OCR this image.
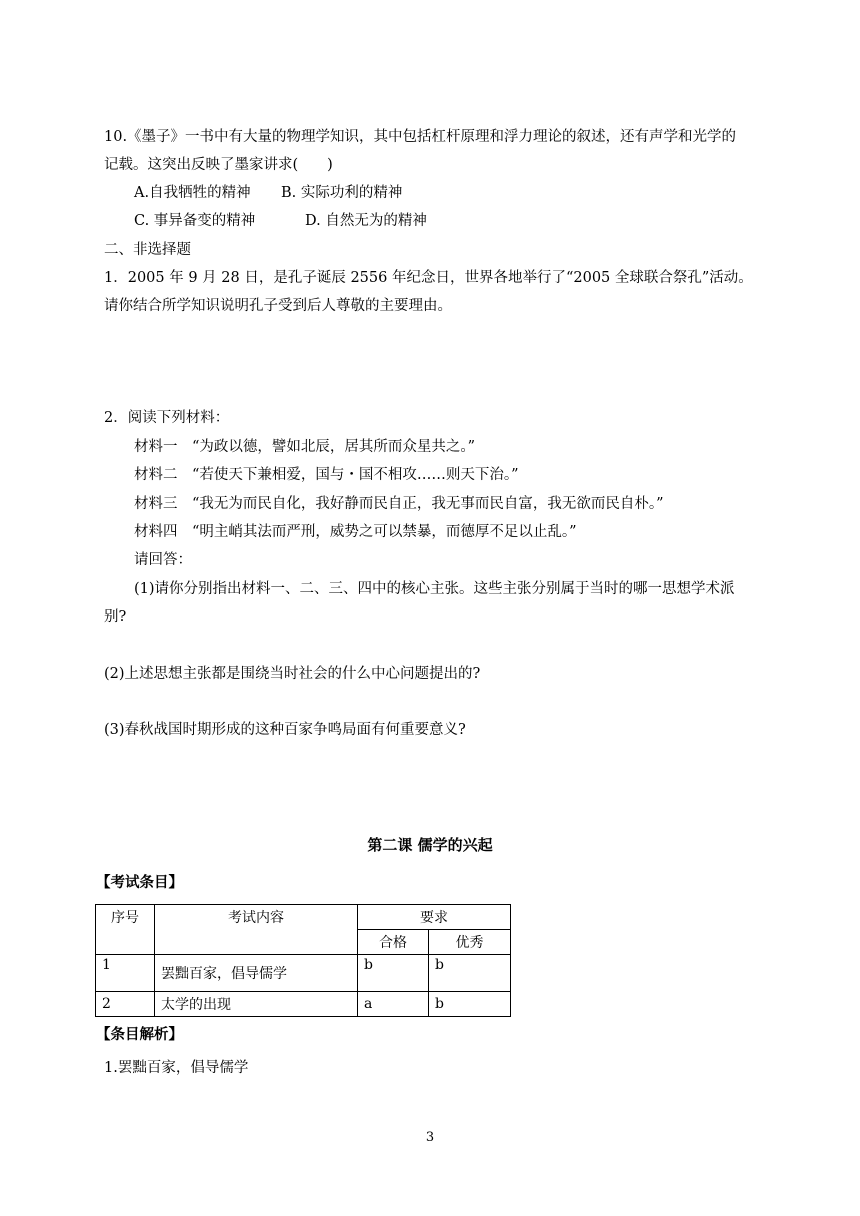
10.《墨子》一书中有大量的物理学知识，其中包括杠杆原理和浮力理论的叙述，还有声学和光学的
记载。这突出反映了墨家讲求(　　)
A.自我牺牲的精神 B. 实际功利的精神
C. 事异备变的精神	D. 自然无为的精神
二、非选择题
1．2005 年 9 月 28 日，是孔子诞辰 2556 年纪念日，世界各地举行了“2005 全球联合祭孔”活动。
请你结合所学知识说明孔子受到后人尊敬的主要理由。
2．阅读下列材料：
材料一　“为政以德，譬如北辰，居其所而众星共之。”
材料二　“若使天下兼相爱，国与・国不相攻……则天下治。”
材料三　“我无为而民自化，我好静而民自正，我无事而民自富，我无欲而民自朴。”
材料四　“明主峭其法而严刑，威势之可以禁暴，而德厚不足以止乱。”
请回答：
(1)请你分别指出材料一、二、三、四中的核心主张。这些主张分别属于当时的哪一思想学术派
别?
(2)上述思想主张都是围绕当时社会的什么中心问题提出的?
(3)春秋战国时期形成的这种百家争鸣局面有何重要意义?
第二课 儒学的兴起
【考试条目】
序号	考试内容	要求	
		合格	优秀
1	罢黜百家，倡导儒学	b	b
2	太学的出现	a	b
【条目解析】
1.罢黜百家，倡导儒学
3
